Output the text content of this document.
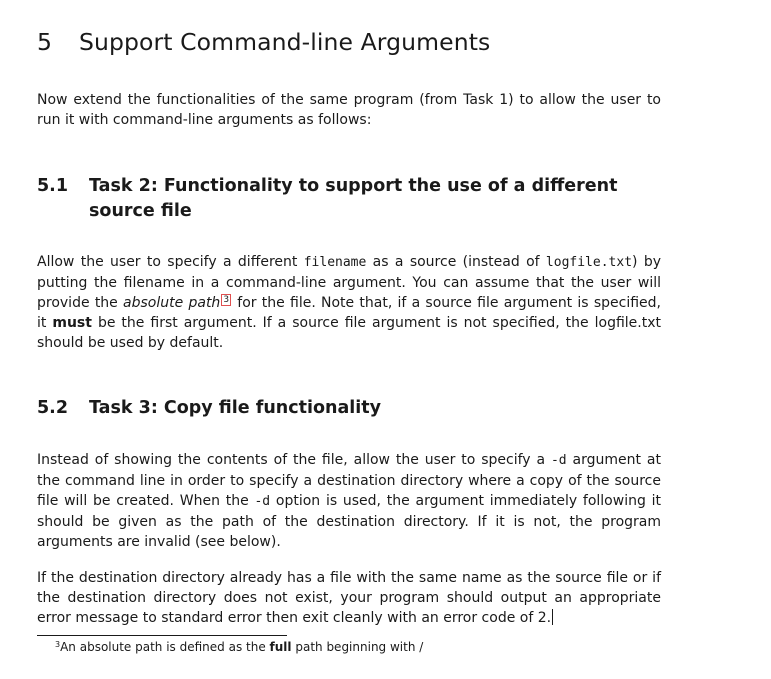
5 Support Command-line Arguments

Now extend the functionalities of the same program (from Task 1) to allow the user to run it with command-line arguments as follows:

5.1 Task 2: Functionality to support the use of a different source file

Allow the user to specify a different filename as a source (instead of logfile.txt) by putting the filename in a command-line argument. You can assume that the user will provide the absolute path 3 for the file. Note that, if a source file argument is specified, it must be the first argument. If a source file argument is not specified, the logfile.txt should be used by default.

5.2 Task 3: Copy file functionality

Instead of showing the contents of the file, allow the user to specify a -d argument at the command line in order to specify a destination directory where a copy of the source file will be created. When the -d option is used, the argument immediately following it should be given as the path of the destination directory. If it is not, the program arguments are invalid (see below).

If the destination directory already has a file with the same name as the source file or if the destination directory does not exist, your program should output an appropriate error message to standard error then exit cleanly with an error code of 2.

$^3$An absolute path is defined as the full path beginning with /
